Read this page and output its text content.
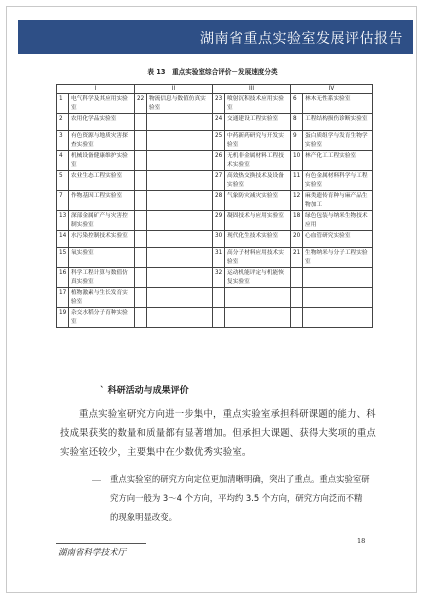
湖南省重点实验室发展评估报告
表 13　重点实验室综合评价－发展速度分类
I		II		III		IV	
1	电气科学及其应用实验室	22	物流信息与数值仿真实验室	23	喷射沉积技术应用实验室	6	林木无性系实验室
2	农用化学品实验室			24	交通建设工程实验室	8	工程结构损伤诊断实验室
3	有色资源与地质灾害探查实验室			25	中药新药研究与开发实验室	9	蛋白质组学与发育生物学实验室
4	机械设备健康维护实验室			26	无机非金属材料工程技术实验室	10	林产化工工程实验室
5	农业生态工程实验室			27	高效热交换技术及设备实验室	11	有色金属材料科学与工程实验室
7	作物基因工程实验室			28	气象防灾减灾实验室	12	麻类遗传育种与麻产品生物加工
13	深部金属矿产与灾害控制实验室			29	凝固技术与应用实验室	18	绿色包装与纳米生物技术应用
14	水污染控制技术实验室			30	现代化生技术实验室	20	心血管研究实验室
15	氧实验室			31	高分子材料应用技术实验室	21	生物纳米与分子工程实验室
16	科学工程计算与数值仿真实验室			32	运动机能评定与机能恢复实验室		
17	植物激素与生长发育实验室						
19	杂交水稻分子育种实验室						
ˋ 科研活动与成果评价
重点实验室研究方向进一步集中，重点实验室承担科研课题的能力、科技成果获奖的数量和质量都有显著增加。但承担大课题、获得大奖项的重点实验室还较少，主要集中在少数优秀实验室。
＿ 重点实验室的研究方向定位更加清晰明确，突出了重点。重点实验室研究方向一般为 3～4 个方向，平均约 3.5 个方向，研究方向泛而不精的现象明显改变。
湖南省科学技术厅
18
